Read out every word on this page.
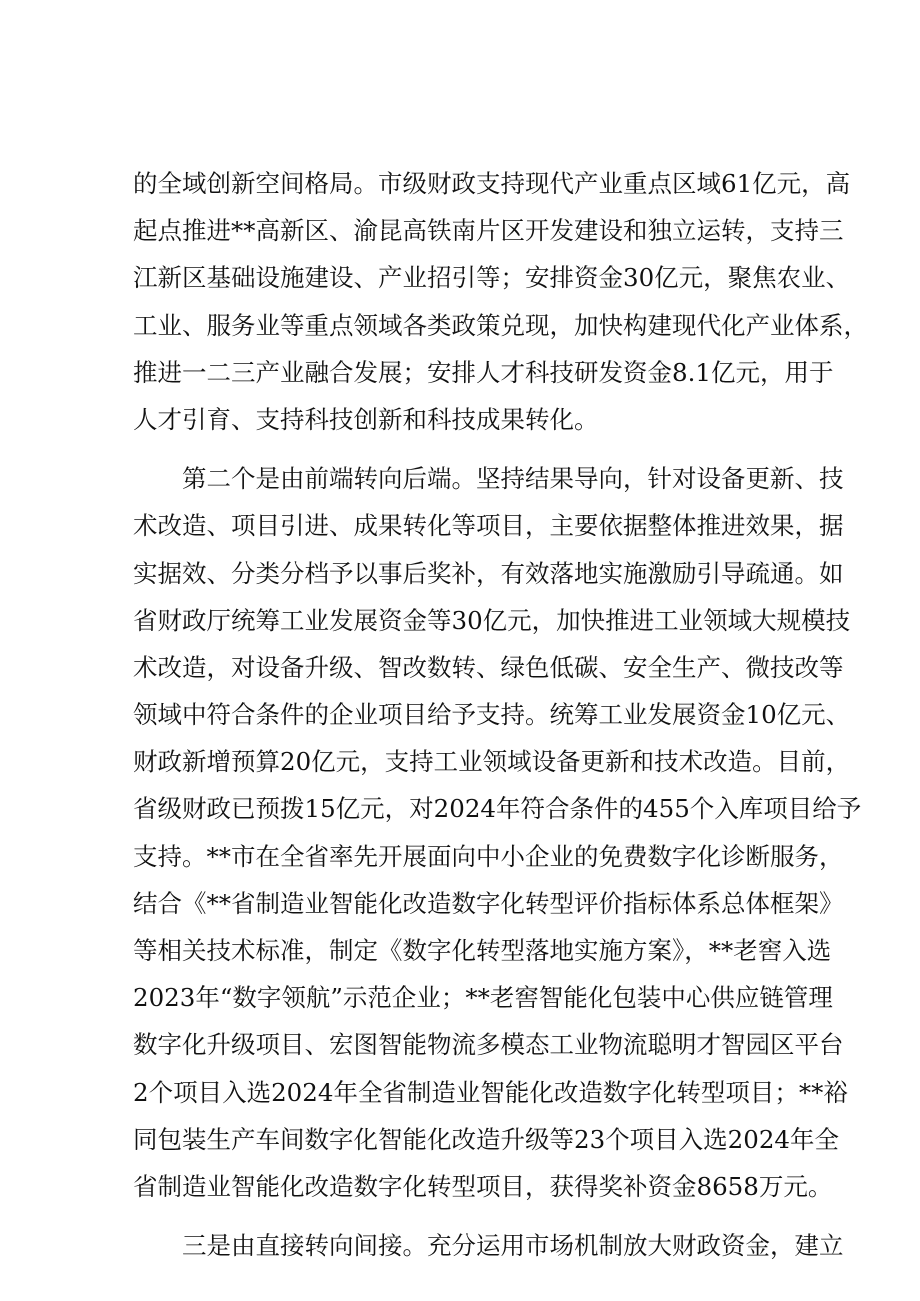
的全域创新空间格局。市级财政支持现代产业重点区域61亿元，高
起点推进**高新区、渝昆高铁南片区开发建设和独立运转，支持三
江新区基础设施建设、产业招引等；安排资金30亿元，聚焦农业、
工业、服务业等重点领域各类政策兑现，加快构建现代化产业体系，
推进一二三产业融合发展；安排人才科技研发资金8.1亿元，用于
人才引育、支持科技创新和科技成果转化。
第二个是由前端转向后端。坚持结果导向，针对设备更新、技
术改造、项目引进、成果转化等项目，主要依据整体推进效果，据
实据效、分类分档予以事后奖补，有效落地实施激励引导疏通。如
省财政厅统筹工业发展资金等30亿元，加快推进工业领域大规模技
术改造，对设备升级、智改数转、绿色低碳、安全生产、微技改等
领域中符合条件的企业项目给予支持。统筹工业发展资金10亿元、
财政新增预算20亿元，支持工业领域设备更新和技术改造。目前，
省级财政已预拨15亿元，对2024年符合条件的455个入库项目给予
支持。**市在全省率先开展面向中小企业的免费数字化诊断服务，
结合《**省制造业智能化改造数字化转型评价指标体系总体框架》
等相关技术标准，制定《数字化转型落地实施方案》，**老窖入选
2023年“数字领航”示范企业；**老窖智能化包装中心供应链管理
数字化升级项目、宏图智能物流多模态工业物流聪明才智园区平台
2个项目入选2024年全省制造业智能化改造数字化转型项目；**裕
同包装生产车间数字化智能化改造升级等23个项目入选2024年全
省制造业智能化改造数字化转型项目，获得奖补资金8658万元。
三是由直接转向间接。充分运用市场机制放大财政资金，建立
